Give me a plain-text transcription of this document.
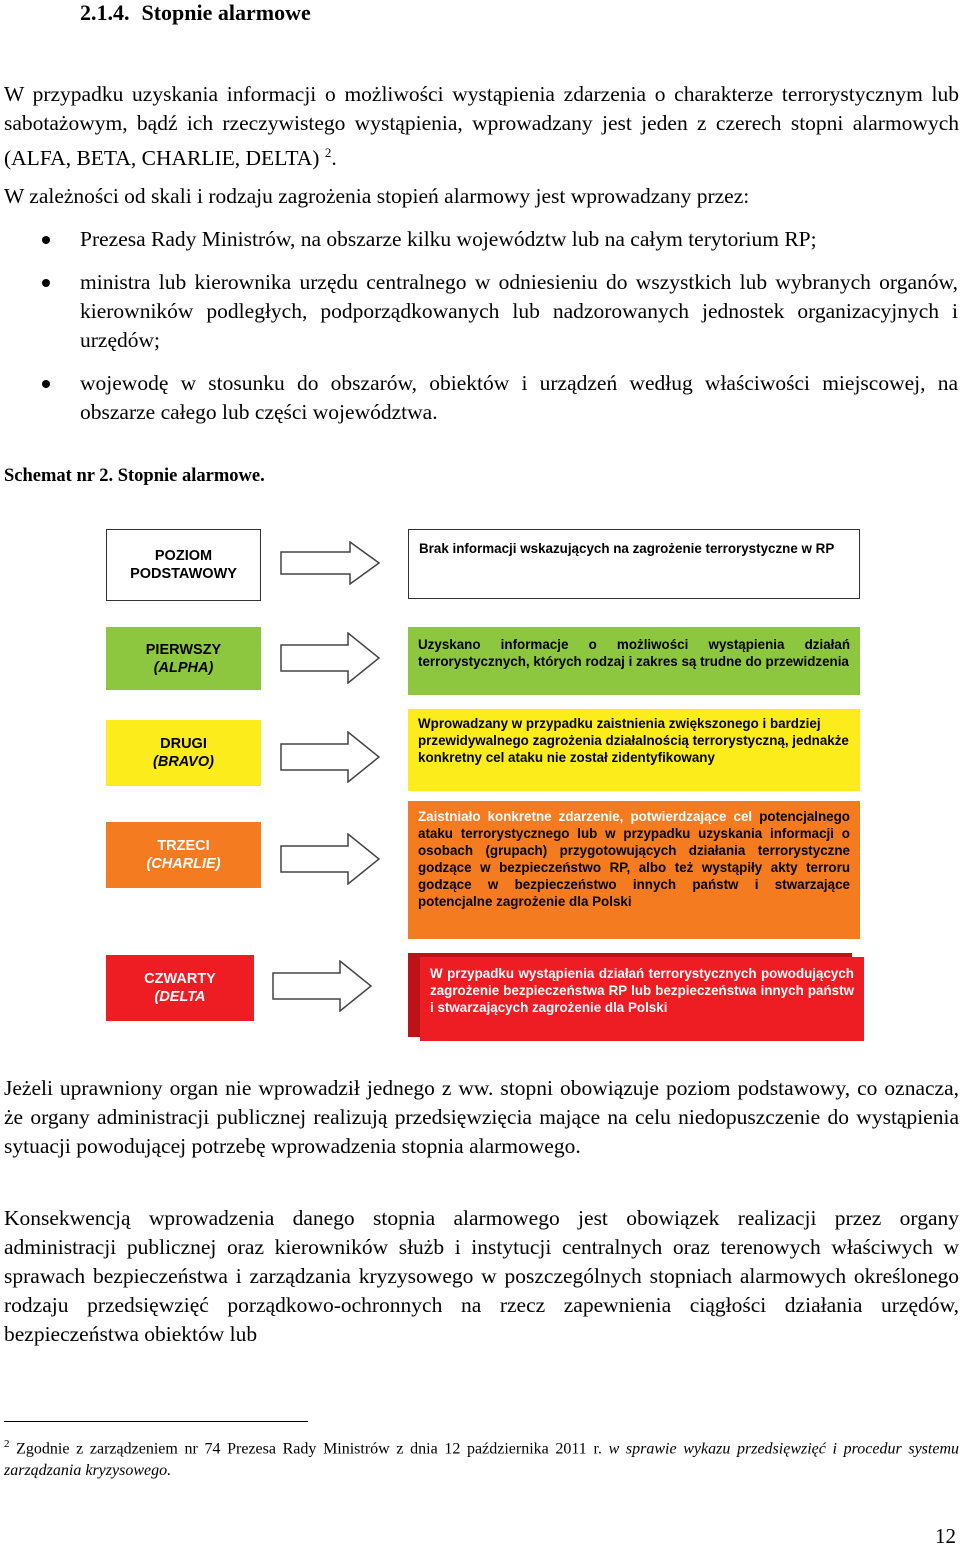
2.1.4. Stopnie alarmowe
W przypadku uzyskania informacji o możliwości wystąpienia zdarzenia o charakterze terrorystycznym lub sabotażowym, bądź ich rzeczywistego wystąpienia, wprowadzany jest jeden z czerech stopni alarmowych (ALFA, BETA, CHARLIE, DELTA) $^2$.
W zależności od skali i rodzaju zagrożenia stopień alarmowy jest wprowadzany przez:
Prezesa Rady Ministrów, na obszarze kilku województw lub na całym terytorium RP;
ministra lub kierownika urzędu centralnego w odniesieniu do wszystkich lub wybranych organów, kierowników podległych, podporządkowanych lub nadzorowanych jednostek organizacyjnych i urzędów;
wojewodę w stosunku do obszarów, obiektów i urządzeń według właściwości miejscowej, na obszarze całego lub części województwa.
Schemat nr 2. Stopnie alarmowe.
POZIOM
PODSTAWOWY
Brak informacji wskazujących na zagrożenie terrorystyczne w RP
PIERWSZY
(ALPHA)
Uzyskano informacje o możliwości wystąpienia działań terrorystycznych, których rodzaj i zakres są trudne do przewidzenia
DRUGI
(BRAVO)
Wprowadzany w przypadku zaistnienia zwiększonego i bardziej przewidywalnego zagrożenia działalnością terrorystyczną, jednakże konkretny cel ataku nie został zidentyfikowany
TRZECI
(CHARLIE)
Zaistniało konkretne zdarzenie, potwierdzające cel potencjalnego ataku terrorystycznego lub w przypadku uzyskania informacji o osobach (grupach) przygotowujących działania terrorystyczne godzące w bezpieczeństwo RP, albo też wystąpiły akty terroru godzące w bezpieczeństwo innych państw i stwarzające potencjalne zagrożenie dla Polski
CZWARTY
(DELTA
W przypadku wystąpienia działań terrorystycznych powodujących zagrożenie bezpieczeństwa RP lub bezpieczeństwa innych państw i stwarzających zagrożenie dla Polski
Jeżeli uprawniony organ nie wprowadził jednego z ww. stopni obowiązuje poziom podstawowy, co oznacza, że organy administracji publicznej realizują przedsięwzięcia mające na celu niedopuszczenie do wystąpienia sytuacji powodującej potrzebę wprowadzenia stopnia alarmowego.
Konsekwencją wprowadzenia danego stopnia alarmowego jest obowiązek realizacji przez organy administracji publicznej oraz kierowników służb i instytucji centralnych oraz terenowych właściwych w sprawach bezpieczeństwa i zarządzania kryzysowego w poszczególnych stopniach alarmowych określonego rodzaju przedsięwzięć porządkowo-ochronnych na rzecz zapewnienia ciągłości działania urzędów, bezpieczeństwa obiektów lub
$^2$ Zgodnie z zarządzeniem nr 74 Prezesa Rady Ministrów z dnia 12 października 2011 r. w sprawie wykazu przedsięwzięć i procedur systemu zarządzania kryzysowego.
12
